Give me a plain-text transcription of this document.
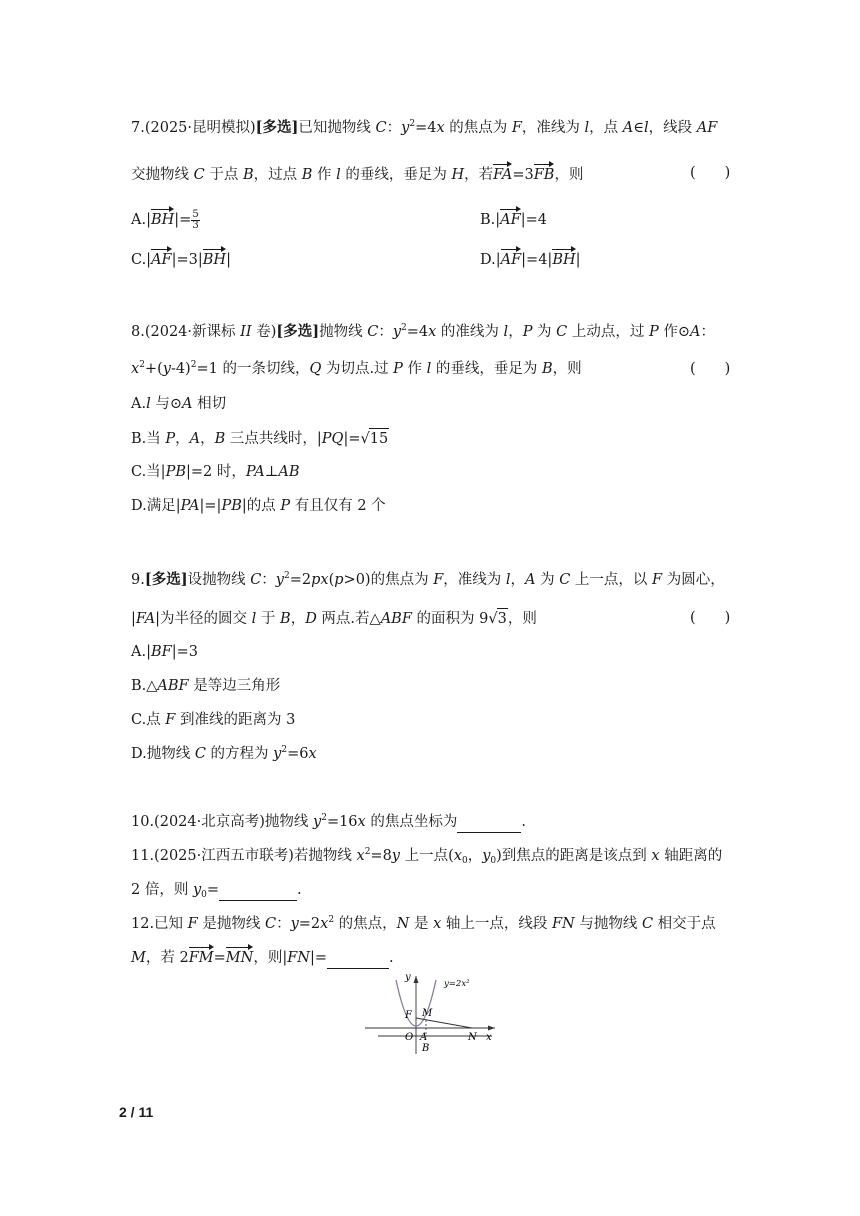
7.(2025·昆明模拟)[多选]已知抛物线 C：$y^2=4x$ 的焦点为 F，准线为 l，点 A∈l，线段 AF
交抛物线 C 于点 B，过点 B 作 l 的垂线，垂足为 H，若FA=3FB，则	(　　)
$A.|BH|= \frac{5}{3}$	B.|AF|=4
C.|AF|=3|BH|	D.|AF|=4|BH|
8.(2024·新课标 II 卷)[多选]抛物线 C：$y^2=4x$ 的准线为 l，P 为 C 上动点，过 P 作⊙A：
$x^2+(y-4)^2=1$ 的一条切线，Q 为切点.过 P 作 l 的垂线，垂足为 B，则	(　　)
A.l 与⊙A 相切
B.当 P，A，B 三点共线时，|PQ|=√15
C.当|PB|=2 时，PA⊥AB
D.满足|PA|=|PB|的点 P 有且仅有 2 个
9.[多选]设抛物线 C：$y^2=2px(p>0)$的焦点为 F，准线为 l，A 为 C 上一点，以 F 为圆心，
|FA|为半径的圆交 l 于 B，D 两点.若△ABF 的面积为 9√3，则	(　　)
A.|BF|=3
B.△ABF 是等边三角形
C.点 F 到准线的距离为 3
D.抛物线 C 的方程为 $y^2=6x$
10.(2024·北京高考)抛物线 $y^2=16x$ 的焦点坐标为	.
11.(2025·江西五市联考)若抛物线 $x^2=8y$ 上一点($x_0$，$y_0$)到焦点的距离是该点到 x 轴距离的
2 倍，则 $y_0=$	.
12.已知 F 是抛物线 C：$y=2x^2$ 的焦点，N 是 x 轴上一点，线段 FN 与抛物线 C 相交于点
M，若 2FM=MN，则|FN|=	.
y
y=2x²
F M
O A
B
N x
2 / 11
